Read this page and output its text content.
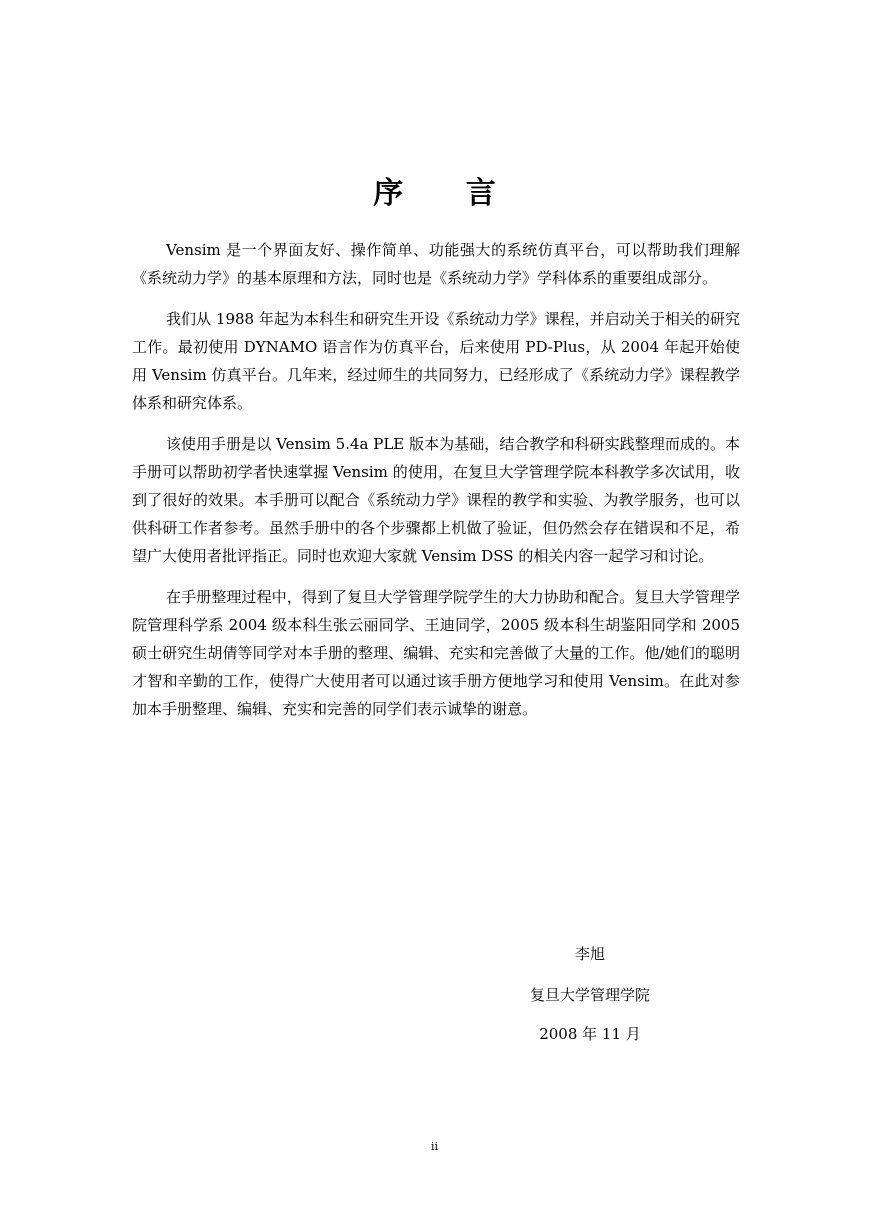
序 言

Vensim 是一个界面友好、操作简单、功能强大的系统仿真平台，可以帮助我们理解《系统动力学》的基本原理和方法，同时也是《系统动力学》学科体系的重要组成部分。

我们从 1988 年起为本科生和研究生开设《系统动力学》课程，并启动关于相关的研究工作。最初使用 DYNAMO 语言作为仿真平台，后来使用 PD-Plus，从 2004 年起开始使用 Vensim 仿真平台。几年来，经过师生的共同努力，已经形成了《系统动力学》课程教学体系和研究体系。

该使用手册是以 Vensim 5.4a PLE 版本为基础，结合教学和科研实践整理而成的。本手册可以帮助初学者快速掌握 Vensim 的使用，在复旦大学管理学院本科教学多次试用，收到了很好的效果。本手册可以配合《系统动力学》课程的教学和实验、为教学服务，也可以供科研工作者参考。虽然手册中的各个步骤都上机做了验证，但仍然会存在错误和不足，希望广大使用者批评指正。同时也欢迎大家就 Vensim DSS 的相关内容一起学习和讨论。

在手册整理过程中，得到了复旦大学管理学院学生的大力协助和配合。复旦大学管理学院管理科学系 2004 级本科生张云丽同学、王迪同学，2005 级本科生胡鉴阳同学和 2005 硕士研究生胡倩等同学对本手册的整理、编辑、充实和完善做了大量的工作。他/她们的聪明才智和辛勤的工作，使得广大使用者可以通过该手册方便地学习和使用 Vensim。在此对参加本手册整理、编辑、充实和完善的同学们表示诚挚的谢意。

李旭
复旦大学管理学院
2008 年 11 月
ii
